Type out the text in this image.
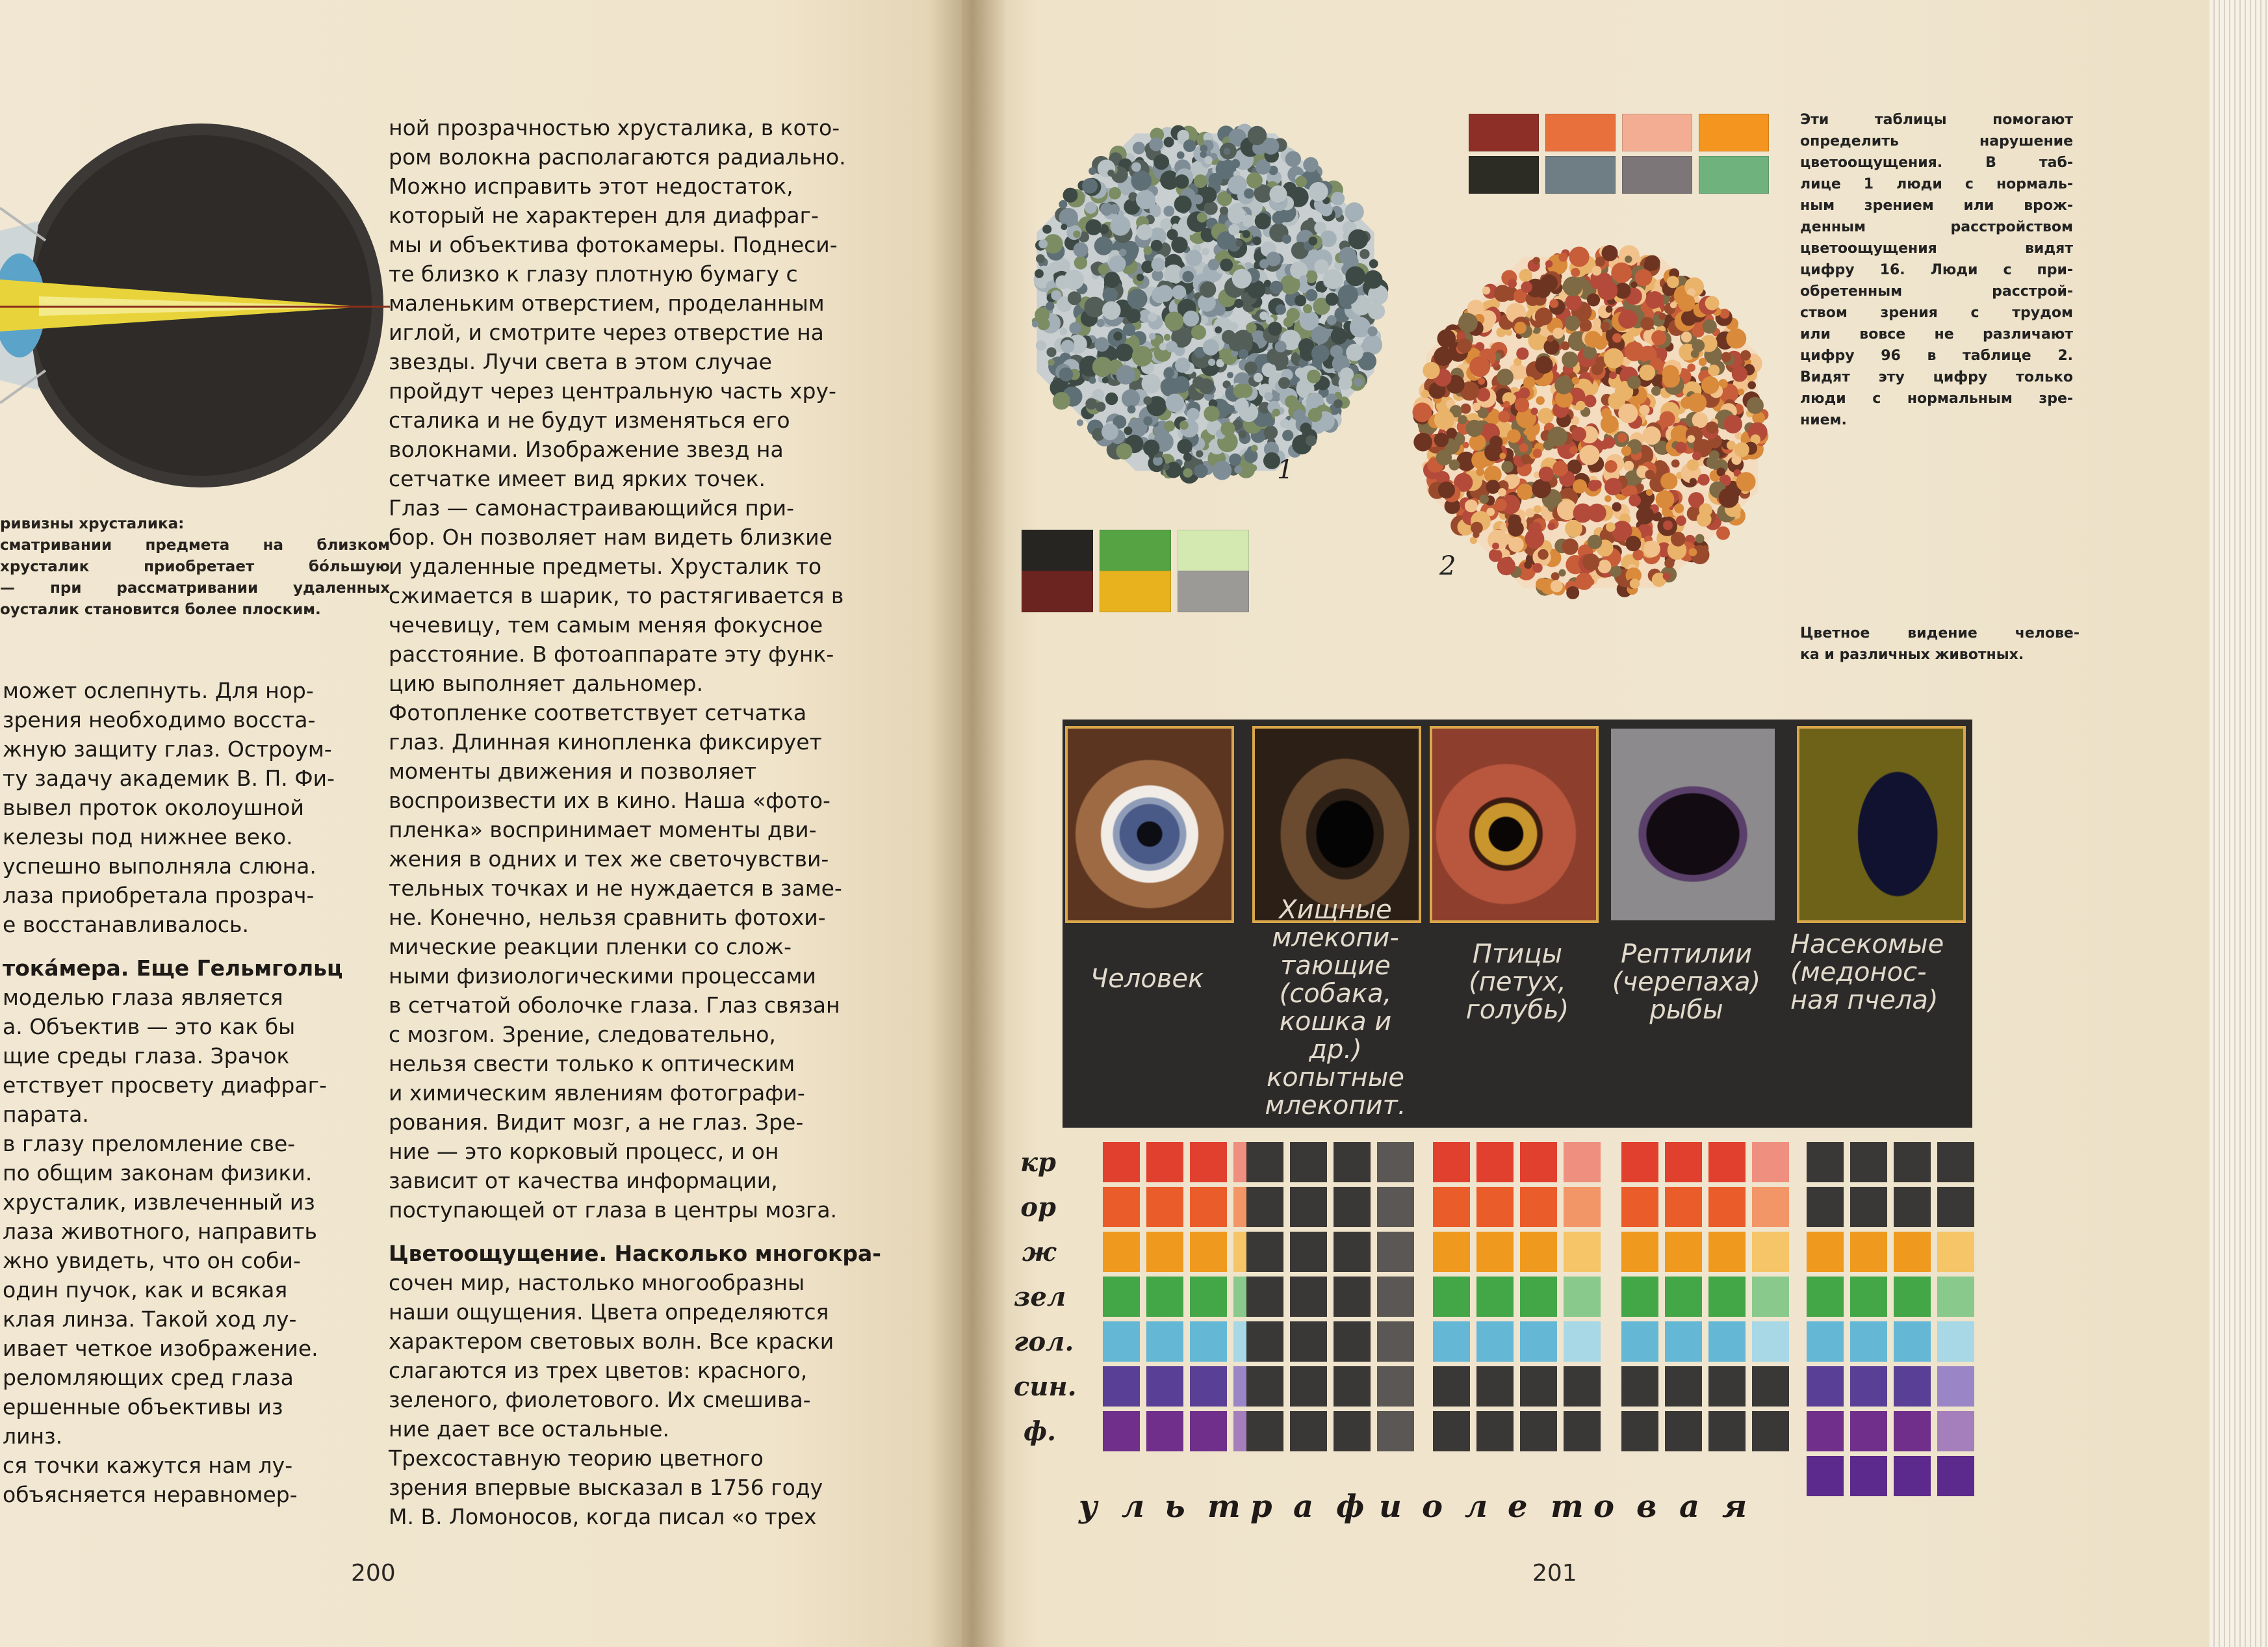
ривизны хрусталика:
сматривании предмета на близком
хрусталик приобретает бо́льшую
— при рассматривании удаленных
оусталик становится более плоским.
может ослепнуть. Для нор-
зрения необходимо восста-
жную защиту глаз. Остроум-
ту задачу академик В. П. Фи-
вывел проток околоушной
келезы под нижнее веко.
успешно выполняла слюна.
лаза приобретала прозрач-
е восстанавливалось.
тока́мера. Еще Гельмгольц
моделью глаза является
а. Объектив — это как бы
щие среды глаза. Зрачок
етствует просвету диафраг-
парата.
в глазу преломление све-
по общим законам физики.
хрусталик, извлеченный из
лаза животного, направить
жно увидеть, что он соби-
один пучок, как и всякая
клая линза. Такой ход лу-
ивает четкое изображение.
реломляющих сред глаза
ершенные объективы из
линз.
ся точки кажутся нам лу-
объясняется неравномер-
ной прозрачностью хрусталика, в кото-
ром волокна располагаются радиально.
Можно исправить этот недостаток,
который не характерен для диафраг-
мы и объектива фотокамеры. Поднеси-
те близко к глазу плотную бумагу с
маленьким отверстием, проделанным
иглой, и смотрите через отверстие на
звезды. Лучи света в этом случае
пройдут через центральную часть хру-
сталика и не будут изменяться его
волокнами. Изображение звезд на
сетчатке имеет вид ярких точек.
Глаз — самонастраивающийся при-
бор. Он позволяет нам видеть близкие
и удаленные предметы. Хрусталик то
сжимается в шарик, то растягивается в
чечевицу, тем самым меняя фокусное
расстояние. В фотоаппарате эту функ-
цию выполняет дальномер.
Фотопленке соответствует сетчатка
глаз. Длинная кинопленка фиксирует
моменты движения и позволяет
воспроизвести их в кино. Наша «фото-
пленка» воспринимает моменты дви-
жения в одних и тех же светочувстви-
тельных точках и не нуждается в заме-
не. Конечно, нельзя сравнить фотохи-
мические реакции пленки со слож-
ными физиологическими процессами
в сетчатой оболочке глаза. Глаз связан
с мозгом. Зрение, следовательно,
нельзя свести только к оптическим
и химическим явлениям фотографи-
рования. Видит мозг, а не глаз. Зре-
ние — это корковый процесс, и он
зависит от качества информации,
поступающей от глаза в центры мозга.
Цветоощущение. Насколько многокра-
сочен мир, настолько многообразны
наши ощущения. Цвета определяются
характером световых волн. Все краски
слагаются из трех цветов: красного,
зеленого, фиолетового. Их смешива-
ние дает все остальные.
Трехсоставную теорию цветного
зрения впервые высказал в 1756 году
М. В. Ломоносов, когда писал «о трех
200
1
2
Эти таблицы помогают
определить нарушение
цветоощущения. В таб-
лице 1 люди с нормаль-
ным зрением или врож-
денным расстройством
цветоощущения видят
цифру 16. Люди с при-
обретенным расстрой-
ством зрения с трудом
или вовсе не различают
цифру 96 в таблице 2.
Видят эту цифру только
люди с нормальным зре-
нием.
Цветное видение челове-
ка и различных животных.
Человек
Хищные
млекопи-
тающие
(собака,
кошка и др.)
копытные
млекопит.
Птицы
(петух,
голубь)
Рептилии
(черепаха)
рыбы
Насекомые
(медонос-
ная пчела)
кр
ор
ж
зел
гол.
син.
ф.
у л ь т р а ф и о л е т о в а я
201
